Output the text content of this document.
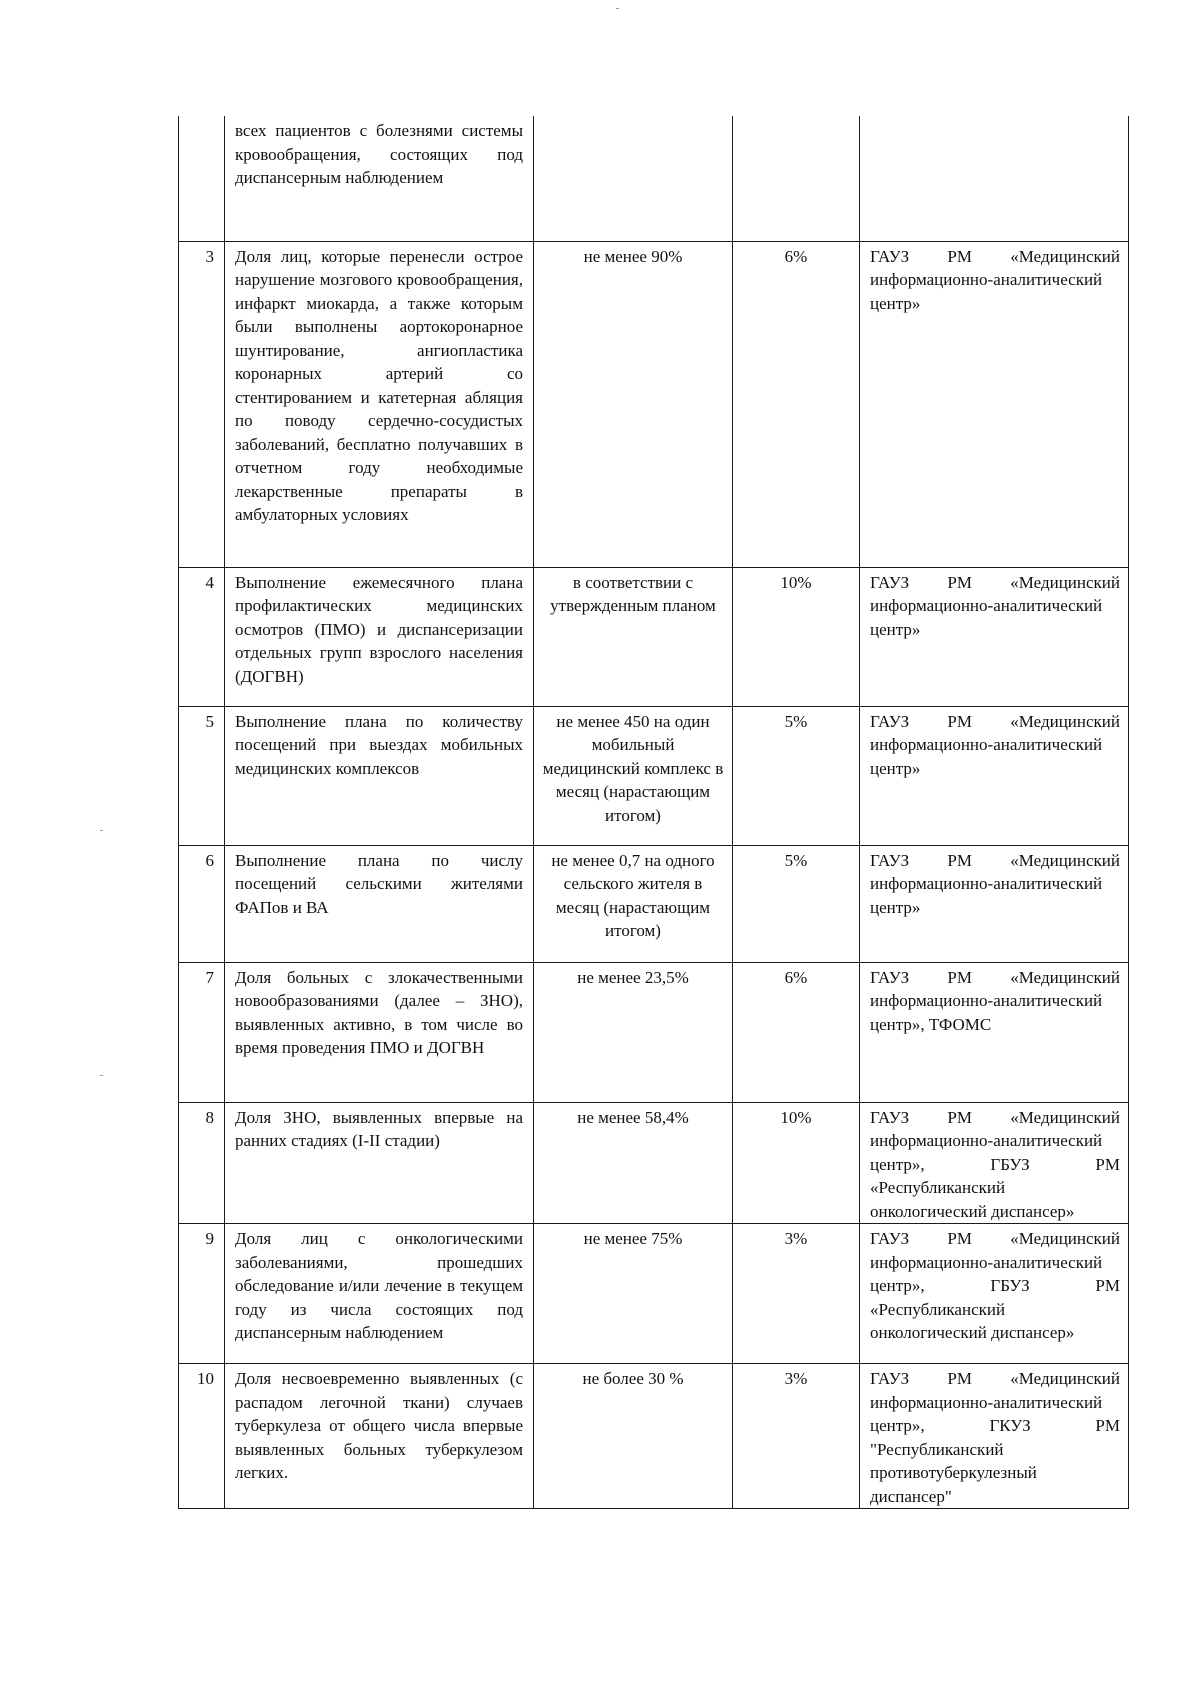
	всех пациентов с болезнями системы кровообращения, состоящих под диспансерным наблюдением			
3	Доля лиц, которые перенесли острое нарушение мозгового кровообращения, инфаркт миокарда, а также которым были выполнены аортокоронарное шунтирование, ангиопластика коронарных артерий со стентированием и катетерная абляция по поводу сердечно-сосудистых заболеваний, бесплатно получавших в отчетном году необходимые лекарственные препараты в амбулаторных условиях	не менее 90%	6%	ГАУЗ РМ «Медицинский информационно-аналитический центр»
4	Выполнение ежемесячного плана профилактических медицинских осмотров (ПМО) и диспансеризации отдельных групп взрослого населения (ДОГВН)	в соответствии с утвержденным планом	10%	ГАУЗ РМ «Медицинский информационно-аналитический центр»
5	Выполнение плана по количеству посещений при выездах мобильных медицинских комплексов	не менее 450 на один мобильный медицинский комплекс в месяц (нарастающим итогом)	5%	ГАУЗ РМ «Медицинский информационно-аналитический центр»
6	Выполнение плана по числу посещений сельскими жителями ФАПов и ВА	не менее 0,7 на одного сельского жителя в месяц (нарастающим итогом)	5%	ГАУЗ РМ «Медицинский информационно-аналитический центр»
7	Доля больных с злокачественными новообразованиями (далее – ЗНО), выявленных активно, в том числе во время проведения ПМО и ДОГВН	не менее 23,5%	6%	ГАУЗ РМ «Медицинский информационно-аналитический центр», ТФОМС
8	Доля ЗНО, выявленных впервые на ранних стадиях (I-II стадии)	не менее 58,4%	10%	ГАУЗ РМ «Медицинский информационно-аналитический центр», ГБУЗ РМ «Республиканский онкологический диспансер»
9	Доля лиц с онкологическими заболеваниями, прошедших обследование и/или лечение в текущем году из числа состоящих под диспансерным наблюдением	не менее 75%	3%	ГАУЗ РМ «Медицинский информационно-аналитический центр», ГБУЗ РМ «Республиканский онкологический диспансер»
10	Доля несвоевременно выявленных (с распадом легочной ткани) случаев туберкулеза от общего числа впервые выявленных больных туберкулезом легких.	не более 30 %	3%	ГАУЗ РМ «Медицинский информационно-аналитический центр», ГКУЗ РМ "Республиканский противотуберкулезный диспансер"
